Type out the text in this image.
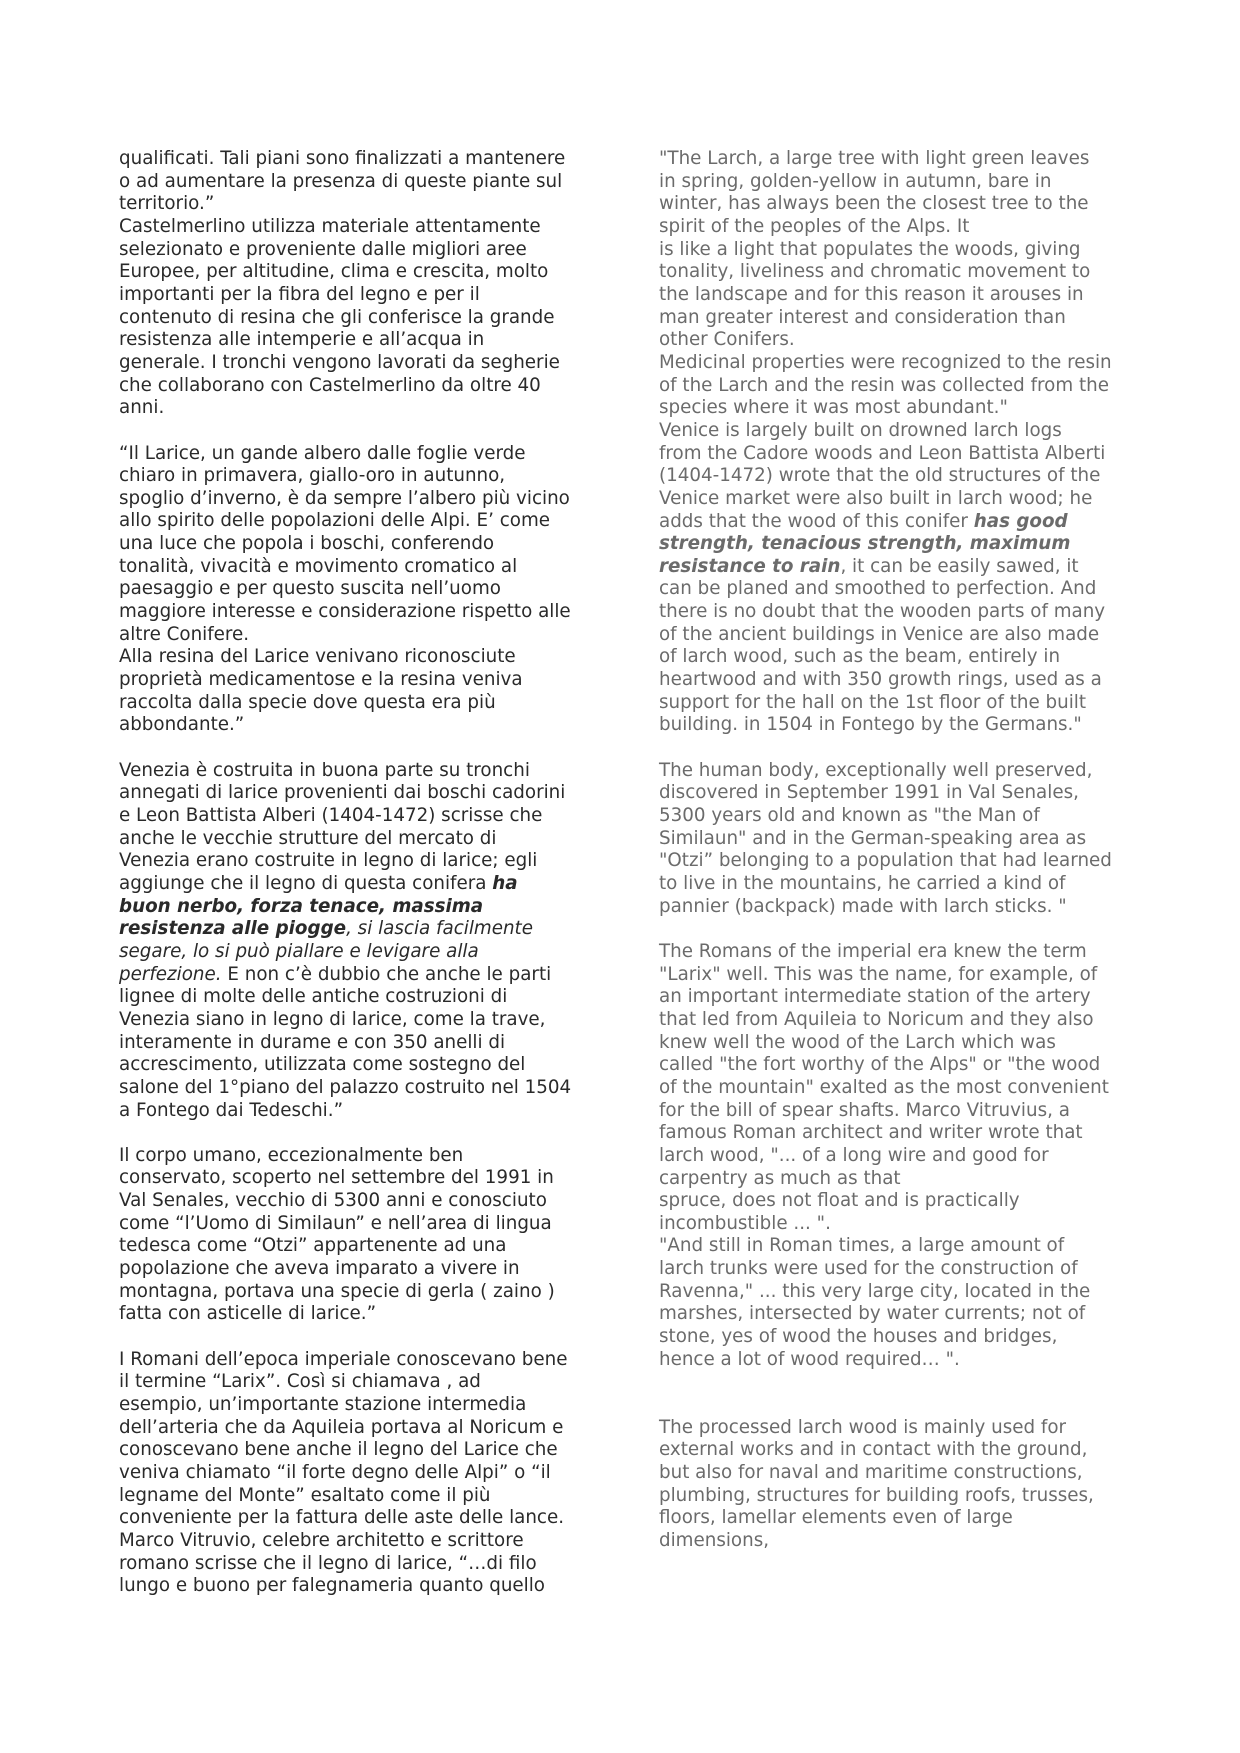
qualificati. Tali piani sono finalizzati a mantenere
o ad aumentare la presenza di queste piante sul
territorio.”
Castelmerlino utilizza materiale attentamente
selezionato e proveniente dalle migliori aree
Europee, per altitudine, clima e crescita, molto
importanti per la fibra del legno e per il
contenuto di resina che gli conferisce la grande
resistenza alle intemperie e all’acqua in
generale. I tronchi vengono lavorati da segherie
che collaborano con Castelmerlino da oltre 40
anni.
“Il Larice, un gande albero dalle foglie verde
chiaro in primavera, giallo-oro in autunno,
spoglio d’inverno, è da sempre l’albero più vicino
allo spirito delle popolazioni delle Alpi. E’ come
una luce che popola i boschi, conferendo
tonalità, vivacità e movimento cromatico al
paesaggio e per questo suscita nell’uomo
maggiore interesse e considerazione rispetto alle
altre Conifere.
Alla resina del Larice venivano riconosciute
proprietà medicamentose e la resina veniva
raccolta dalla specie dove questa era più
abbondante.”
Venezia è costruita in buona parte su tronchi
annegati di larice provenienti dai boschi cadorini
e Leon Battista Alberi (1404-1472) scrisse che
anche le vecchie strutture del mercato di
Venezia erano costruite in legno di larice; egli
aggiunge che il legno di questa conifera ha
buon nerbo, forza tenace, massima
resistenza alle piogge, si lascia facilmente
segare, lo si può piallare e levigare alla
perfezione. E non c’è dubbio che anche le parti
lignee di molte delle antiche costruzioni di
Venezia siano in legno di larice, come la trave,
interamente in durame e con 350 anelli di
accrescimento, utilizzata come sostegno del
salone del 1°piano del palazzo costruito nel 1504
a Fontego dai Tedeschi.”
Il corpo umano, eccezionalmente ben
conservato, scoperto nel settembre del 1991 in
Val Senales, vecchio di 5300 anni e conosciuto
come “l’Uomo di Similaun” e nell’area di lingua
tedesca come “Otzi” appartenente ad una
popolazione che aveva imparato a vivere in
montagna, portava una specie di gerla ( zaino )
fatta con asticelle di larice.”
I Romani dell’epoca imperiale conoscevano bene
il termine “Larix”. Così si chiamava , ad
esempio, un’importante stazione intermedia
dell’arteria che da Aquileia portava al Noricum e
conoscevano bene anche il legno del Larice che
veniva chiamato “il forte degno delle Alpi” o “il
legname del Monte” esaltato come il più
conveniente per la fattura delle aste delle lance.
Marco Vitruvio, celebre architetto e scrittore
romano scrisse che il legno di larice, “…di filo
lungo e buono per falegnameria quanto quello
"The Larch, a large tree with light green leaves
in spring, golden-yellow in autumn, bare in
winter, has always been the closest tree to the
spirit of the peoples of the Alps. It
is like a light that populates the woods, giving
tonality, liveliness and chromatic movement to
the landscape and for this reason it arouses in
man greater interest and consideration than
other Conifers.
Medicinal properties were recognized to the resin
of the Larch and the resin was collected from the
species where it was most abundant."
Venice is largely built on drowned larch logs
from the Cadore woods and Leon Battista Alberti
(1404-1472) wrote that the old structures of the
Venice market were also built in larch wood; he
adds that the wood of this conifer has good
strength, tenacious strength, maximum
resistance to rain, it can be easily sawed, it
can be planed and smoothed to perfection. And
there is no doubt that the wooden parts of many
of the ancient buildings in Venice are also made
of larch wood, such as the beam, entirely in
heartwood and with 350 growth rings, used as a
support for the hall on the 1st floor of the built
building. in 1504 in Fontego by the Germans."
The human body, exceptionally well preserved,
discovered in September 1991 in Val Senales,
5300 years old and known as "the Man of
Similaun" and in the German-speaking area as
"Otzi” belonging to a population that had learned
to live in the mountains, he carried a kind of
pannier (backpack) made with larch sticks. "
The Romans of the imperial era knew the term
"Larix" well. This was the name, for example, of
an important intermediate station of the artery
that led from Aquileia to Noricum and they also
knew well the wood of the Larch which was
called "the fort worthy of the Alps" or "the wood
of the mountain" exalted as the most convenient
for the bill of spear shafts. Marco Vitruvius, a
famous Roman architect and writer wrote that
larch wood, "... of a long wire and good for
carpentry as much as that
spruce, does not float and is practically
incombustible ... ".
"And still in Roman times, a large amount of
larch trunks were used for the construction of
Ravenna," ... this very large city, located in the
marshes, intersected by water currents; not of
stone, yes of wood the houses and bridges,
hence a lot of wood required… ".
The processed larch wood is mainly used for
external works and in contact with the ground,
but also for naval and maritime constructions,
plumbing, structures for building roofs, trusses,
floors, lamellar elements even of large
dimensions,
